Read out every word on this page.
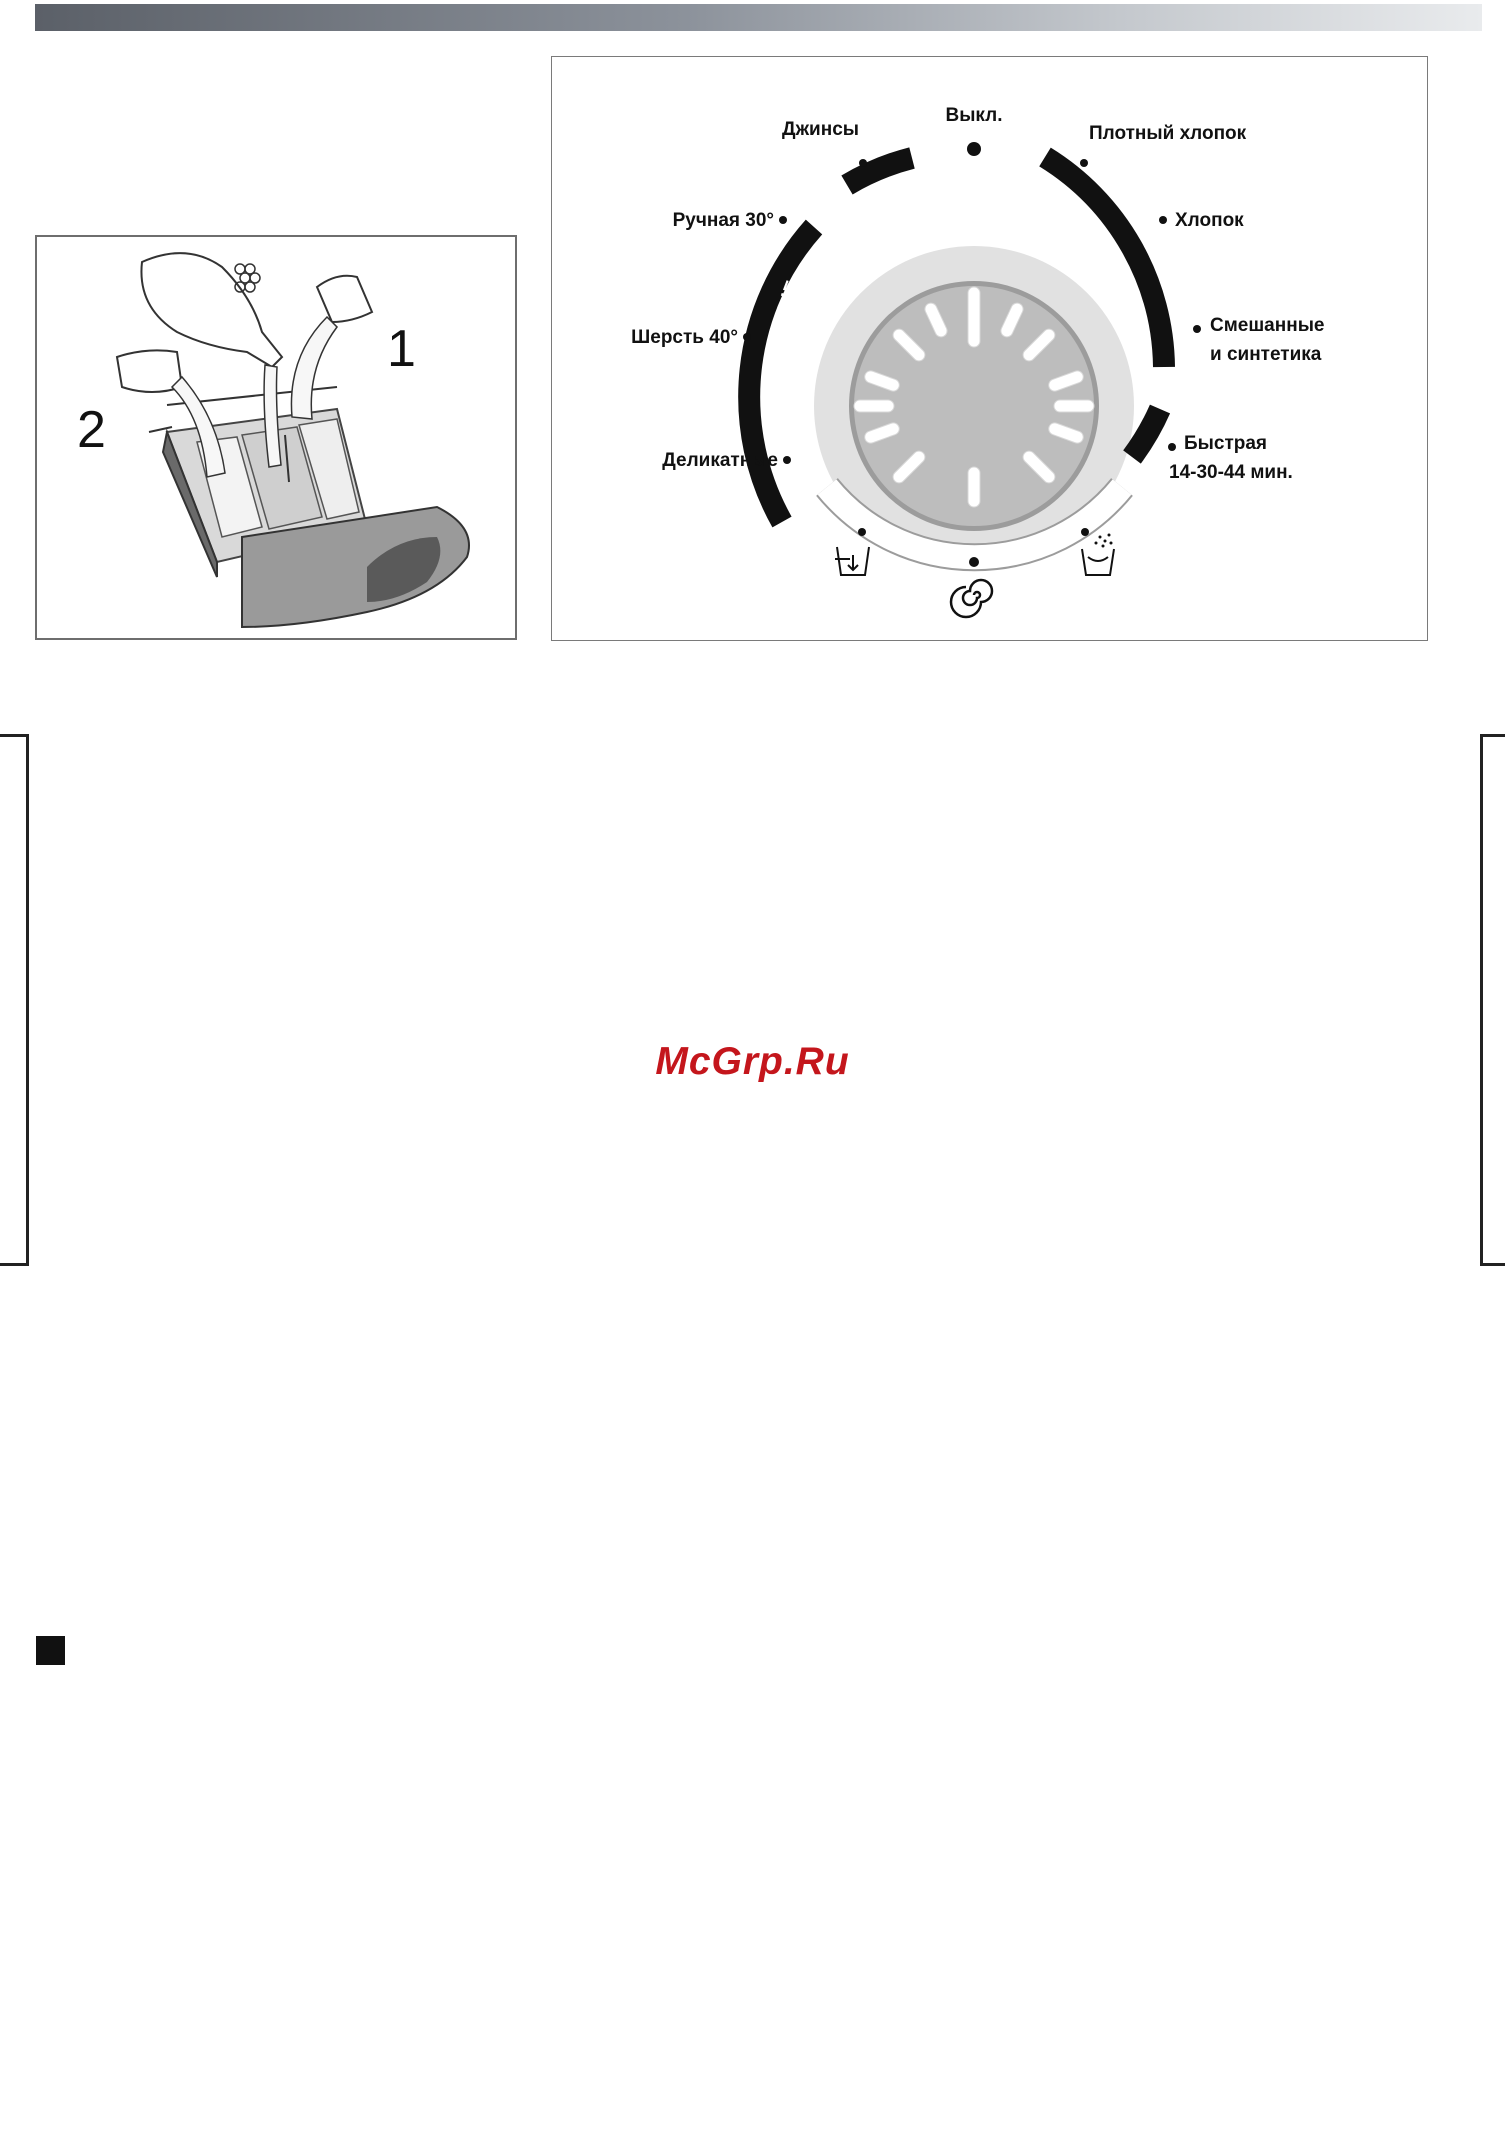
1
2
ТКАНИ
ДЕЛИКАТНЫЕ
Выкл.
Джинсы	Плотный хлопок
Хлопок
Смешанные
и синтетика
Быстрая
14-30-44 мин.
Ручная 30°
Шерсть 40°
Деликатные
McGrp.Ru
